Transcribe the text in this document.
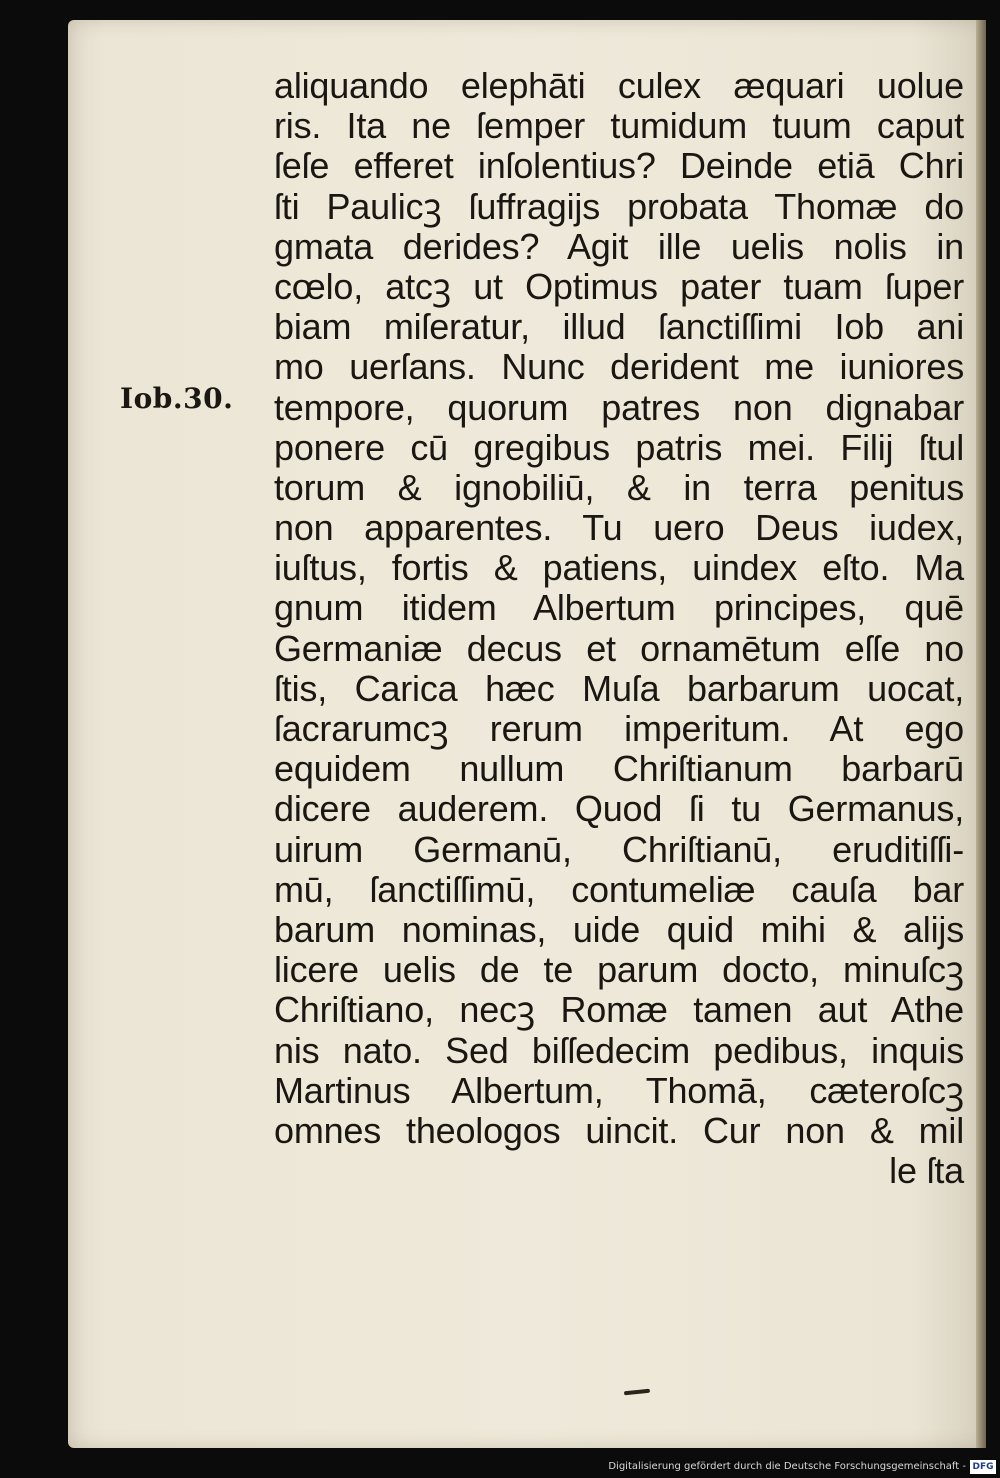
Iob.30.
aliquando elephāti culex æquari uolue
ris. Ita ne ſemper tumidum tuum caput
ſeſe efferet inſolentius? Deinde etiā Chri
ſti Paulicꝫ ſuffragijs probata Thomæ do
gmata derides? Agit ille uelis nolis in
cœlo, atcꝫ ut Optimus pater tuam ſuper
biam miſeratur, illud ſanctiſſimi Iob ani
mo uerſans. Nunc derident me iuniores
tempore, quorum patres non dignabar
ponere cū gregibus patris mei. Filij ſtul
torum & ignobiliū, & in terra penitus
non apparentes. Tu uero Deus iudex,
iuſtus, fortis & patiens, uindex eſto. Ma
gnum itidem Albertum principes, quē
Germaniæ decus et ornamētum eſſe no
ſtis, Carica hæc Muſa barbarum uocat,
ſacrarumcꝫ rerum imperitum. At ego
equidem nullum Chriſtianum barbarū
dicere auderem. Quod ſi tu Germanus,
uirum Germanū, Chriſtianū, eruditiſſi-
mū, ſanctiſſimū, contumeliæ cauſa bar
barum nominas, uide quid mihi & alijs
licere uelis de te parum docto, minuſcꝫ
Chriſtiano, necꝫ Romæ tamen aut Athe
nis nato. Sed biſſedecim pedibus, inquis
Martinus Albertum, Thomā, cæteroſcꝫ
omnes theologos uincit. Cur non & mil
le ſta
Digitalisierung gefördert durch die Deutsche Forschungsgemeinschaft - DFG
